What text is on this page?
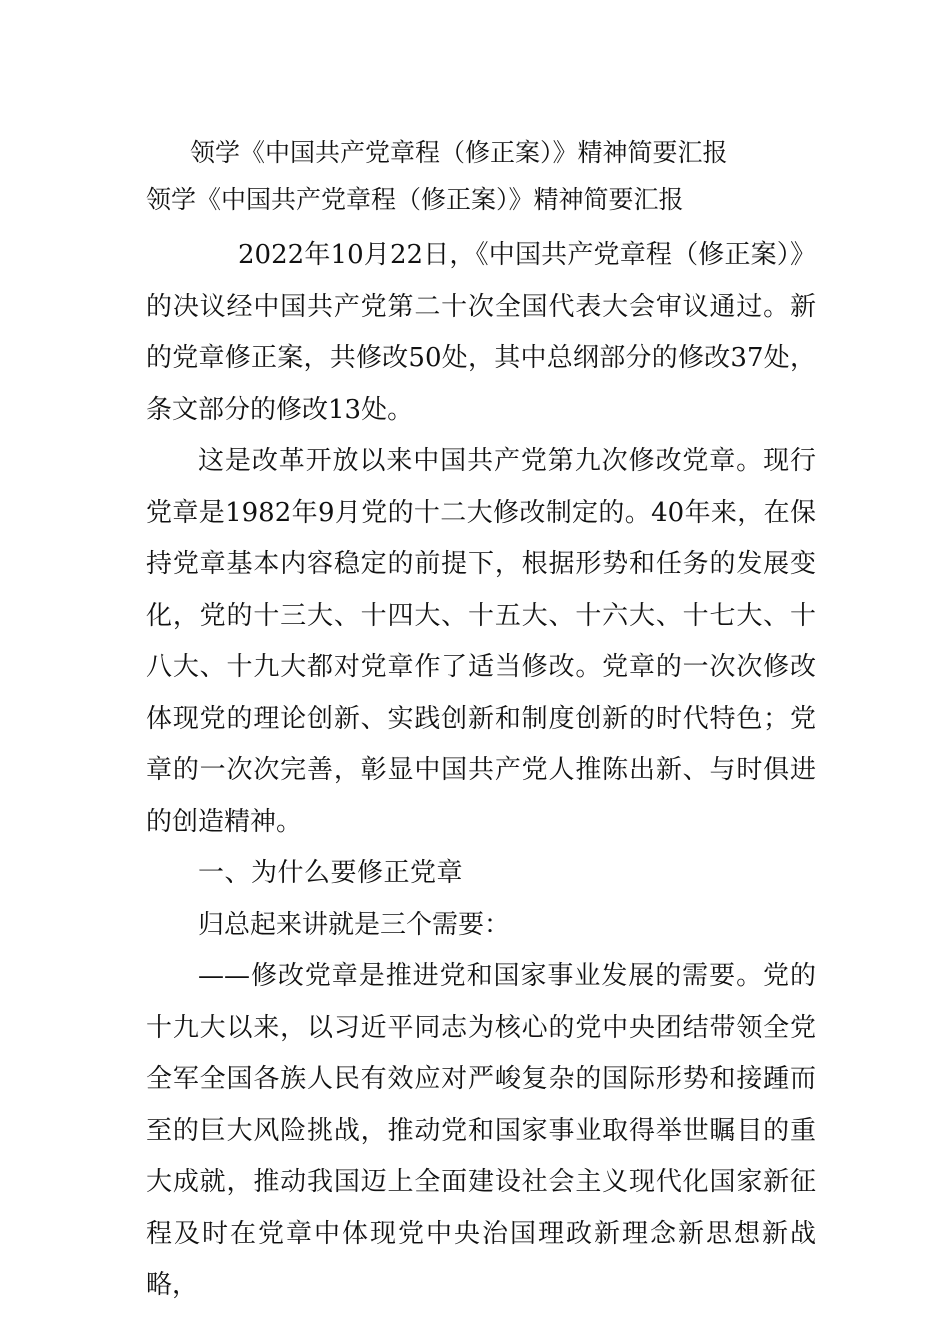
领学《中国共产党章程（修正案）》精神简要汇报
领学《中国共产党章程（修正案）》精神简要汇报

2022年10月22日，《中国共产党章程（修正案）》的决议经中国共产党第二十次全国代表大会审议通过。新的党章修正案，共修改50处，其中总纲部分的修改37处，条文部分的修改13处。

这是改革开放以来中国共产党第九次修改党章。现行党章是1982年9月党的十二大修改制定的。40年来，在保持党章基本内容稳定的前提下，根据形势和任务的发展变化，党的十三大、十四大、十五大、十六大、十七大、十八大、十九大都对党章作了适当修改。党章的一次次修改体现党的理论创新、实践创新和制度创新的时代特色；党章的一次次完善，彰显中国共产党人推陈出新、与时俱进的创造精神。

一、为什么要修正党章

归总起来讲就是三个需要：

——修改党章是推进党和国家事业发展的需要。党的十九大以来，以习近平同志为核心的党中央团结带领全党全军全国各族人民有效应对严峻复杂的国际形势和接踵而至的巨大风险挑战，推动党和国家事业取得举世瞩目的重大成就，推动我国迈上全面建设社会主义现代化国家新征程及时在党章中体现党中央治国理政新理念新思想新战略，
